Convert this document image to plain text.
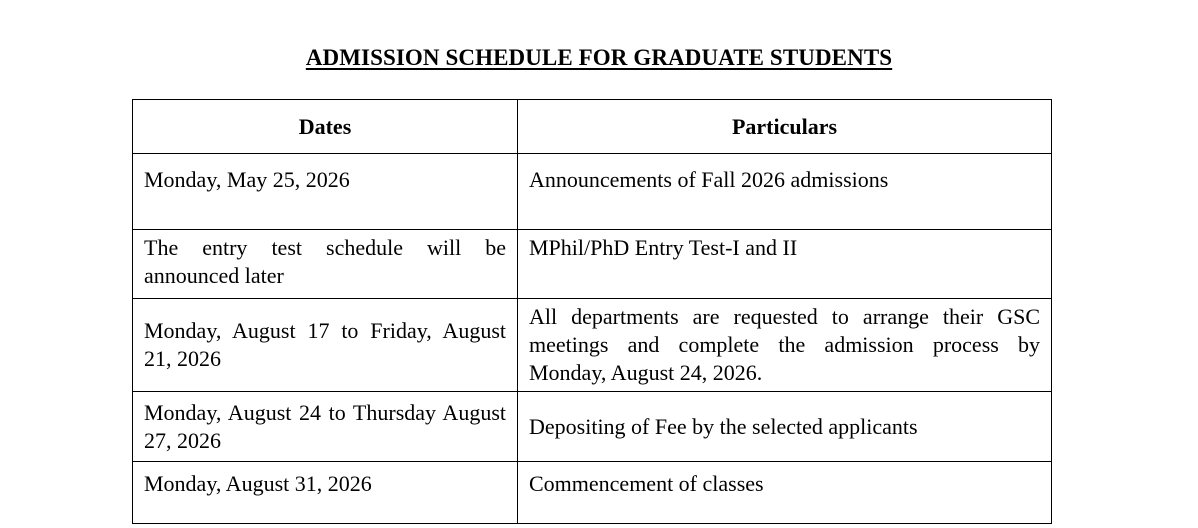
ADMISSION SCHEDULE FOR GRADUATE STUDENTS
Dates	Particulars
Monday, May 25, 2026	Announcements of Fall 2026 admissions
The entry test schedule will be announced later	MPhil/PhD Entry Test-I and II
Monday, August 17 to Friday, August 21, 2026	All departments are requested to arrange their GSC meetings and complete the admission process by Monday, August 24, 2026.
Monday, August 24 to Thursday August 27, 2026	Depositing of Fee by the selected applicants
Monday, August 31, 2026	Commencement of classes
